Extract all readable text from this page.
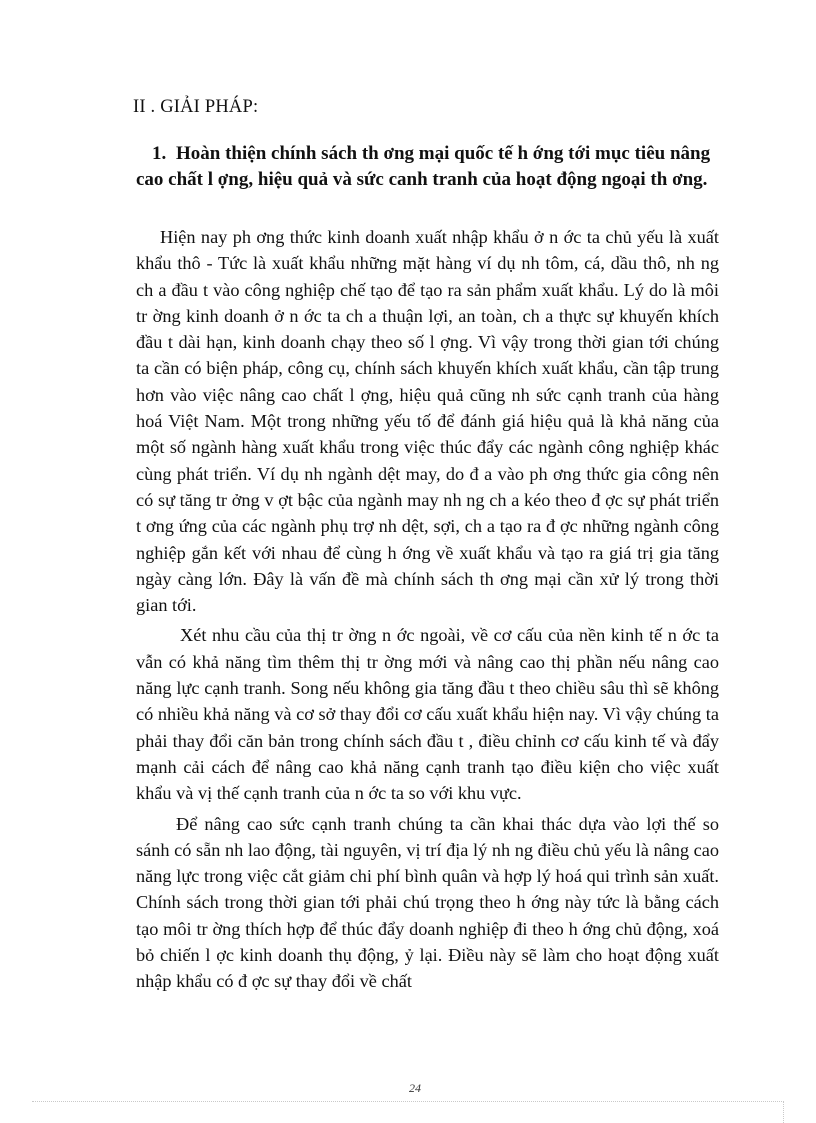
II . GIẢI PHÁP:
1. Hoàn thiện chính sách th ơng mại quốc tế h ớng tới mục tiêu nâng cao chất l ợng, hiệu quả và sức canh tranh của hoạt động ngoại th ơng.

Hiện nay ph ơng thức kinh doanh xuất nhập khẩu ở n ớc ta chủ yếu là xuất khẩu thô - Tức là xuất khẩu những mặt hàng ví dụ nh tôm, cá, dầu thô, nh ng ch a đầu t vào công nghiệp chế tạo để tạo ra sản phẩm xuất khẩu. Lý do là môi tr ờng kinh doanh ở n ớc ta ch a thuận lợi, an toàn, ch a thực sự khuyến khích đầu t dài hạn, kinh doanh chạy theo số l ợng. Vì vậy trong thời gian tới chúng ta cần có biện pháp, công cụ, chính sách khuyến khích xuất khẩu, cần tập trung hơn vào việc nâng cao chất l ợng, hiệu quả cũng nh sức cạnh tranh của hàng hoá Việt Nam. Một trong những yếu tố để đánh giá hiệu quả là khả năng của một số ngành hàng xuất khẩu trong việc thúc đẩy các ngành công nghiệp khác cùng phát triển. Ví dụ nh ngành dệt may, do đ a vào ph ơng thức gia công nên có sự tăng tr ởng v ợt bậc của ngành may nh ng ch a kéo theo đ ợc sự phát triển t ơng ứng của các ngành phụ trợ nh dệt, sợi, ch a tạo ra đ ợc những ngành công nghiệp gắn kết với nhau để cùng h ớng về xuất khẩu và tạo ra giá trị gia tăng ngày càng lớn. Đây là vấn đề mà chính sách th ơng mại cần xử lý trong thời gian tới.

Xét nhu cầu của thị tr ờng n ớc ngoài, về cơ cấu của nền kinh tế n ớc ta vẫn có khả năng tìm thêm thị tr ờng mới và nâng cao thị phần nếu nâng cao năng lực cạnh tranh. Song nếu không gia tăng đầu t theo chiều sâu thì sẽ không có nhiều khả năng và cơ sở thay đổi cơ cấu xuất khẩu hiện nay. Vì vậy chúng ta phải thay đổi căn bản trong chính sách đầu t , điều chỉnh cơ cấu kinh tế và đẩy mạnh cải cách để nâng cao khả năng cạnh tranh tạo điều kiện cho việc xuất khẩu và vị thế cạnh tranh của n ớc ta so với khu vực.

Để nâng cao sức cạnh tranh chúng ta cần khai thác dựa vào lợi thế so sánh có sẵn nh lao động, tài nguyên, vị trí địa lý nh ng điều chủ yếu là nâng cao năng lực trong việc cắt giảm chi phí bình quân và hợp lý hoá qui trình sản xuất. Chính sách trong thời gian tới phải chú trọng theo h ớng này tức là bằng cách tạo môi tr ờng thích hợp để thúc đẩy doanh nghiệp đi theo h ớng chủ động, xoá bỏ chiến l ợc kinh doanh thụ động, ỷ lại. Điều này sẽ làm cho hoạt động xuất nhập khẩu có đ ợc sự thay đổi về chất

24
